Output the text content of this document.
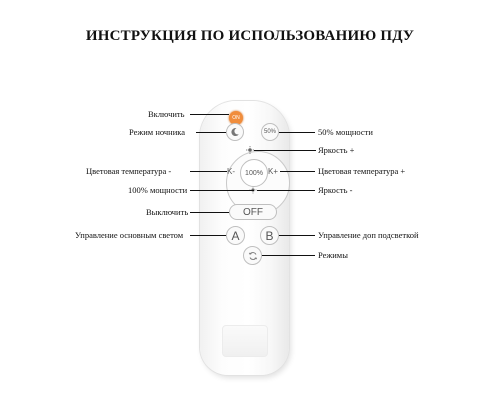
ИНСТРУКЦИЯ ПО ИСПОЛЬЗОВАНИЮ ПДУ
ON
50%
K-	K+
100%
OFF
A B
Включить
Режим ночника
Цветовая температура -
100% мощности
Выключить
Управление основным светом
50% мощности
Яркость +
Цветовая температура +
Яркость -
Управление доп подсветкой
Режимы
